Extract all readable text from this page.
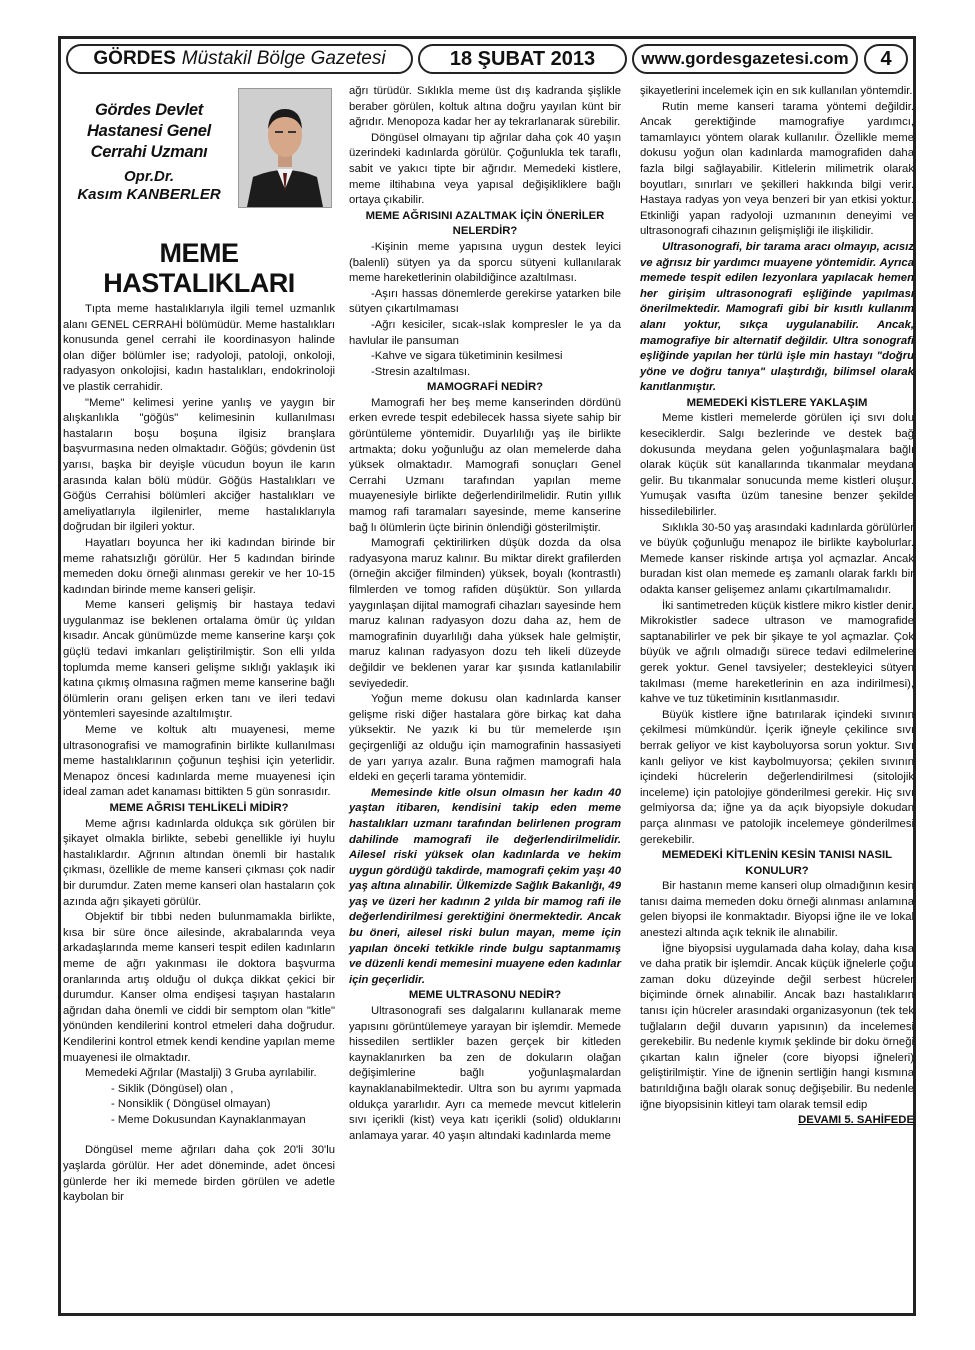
GÖRDES Müstakil Bölge Gazetesi	18 ŞUBAT 2013	www.gordesgazetesi.com	4
Gördes Devlet Hastanesi Genel Cerrahi Uzmanı
Opr.Dr.
Kasım KANBERLER
MEME HASTALIKLARI

Tıpta meme hastalıklarıyla ilgili temel uzmanlık alanı GENEL CERRAHİ bölümüdür. Meme hastalıkları konusunda genel cerrahi ile koordinasyon halinde olan diğer bölümler ise; radyoloji, patoloji, onkoloji, radyasyon onkolojisi, kadın hastalıkları, endokrinoloji ve plastik cerrahidir.

"Meme" kelimesi yerine yanlış ve yaygın bir alışkanlıkla "göğüs" kelimesinin kullanılması hastaların boşu boşuna ilgisiz branşlara başvurmasına neden olmaktadır. Göğüs; gövdenin üst yarısı, başka bir deyişle vücudun boyun ile karın arasında kalan bölü müdür. Göğüs Hastalıkları ve Göğüs Cerrahisi bölümleri akciğer hastalıkları ve ameliyatlarıyla ilgilenirler, meme hastalıklarıyla doğrudan bir ilgileri yoktur.

Hayatları boyunca her iki kadından birinde bir meme rahatsızlığı görülür. Her 5 kadından birinde memeden doku örneği alınması gerekir ve her 10-15 kadından birinde meme kanseri gelişir.

Meme kanseri gelişmiş bir hastaya tedavi uygulanmaz ise beklenen ortalama ömür üç yıldan kısadır. Ancak günümüzde meme kanserine karşı çok güçlü tedavi imkanları geliştirilmiştir. Son elli yılda toplumda meme kanseri gelişme sıklığı yaklaşık iki katına çıkmış olmasına rağmen meme kanserine bağlı ölümlerin oranı gelişen erken tanı ve ileri tedavi yöntemleri sayesinde azaltılmıştır.

Meme ve koltuk altı muayenesi, meme ultrasonografisi ve mamografinin birlikte kullanılması meme hastalıklarının çoğunun teşhisi için yeterlidir. Menapoz öncesi kadınlarda meme muayenesi için ideal zaman adet kanaması bittikten 5 gün sonrasıdır.

MEME AĞRISI TEHLİKELİ MİDİR?

Meme ağrısı kadınlarda oldukça sık görülen bir şikayet olmakla birlikte, sebebi genellikle iyi huylu hastalıklardır. Ağrının altından önemli bir hastalık çıkması, özellikle de meme kanseri çıkması çok nadir bir durumdur. Zaten meme kanseri olan hastaların çok azında ağrı şikayeti görülür.

Objektif bir tıbbi neden bulunmamakla birlikte, kısa bir süre önce ailesinde, akrabalarında veya arkadaşlarında meme kanseri tespit edilen kadınların meme de ağrı yakınması ile doktora başvurma oranlarında artış olduğu ol dukça dikkat çekici bir durumdur. Kanser olma endişesi taşıyan hastaların ağrıdan daha önemli ve ciddi bir semptom olan "kitle" yönünden kendilerini kontrol etmeleri daha doğrudur. Kendilerini kontrol etmek kendi kendine yapılan meme muayenesi ile olmaktadır.

Memedeki Ağrılar (Mastalji) 3 Gruba ayrılabilir.

- Siklik (Döngüsel) olan ,

- Nonsiklik ( Döngüsel olmayan)

- Meme Dokusundan Kaynaklanmayan

Döngüsel meme ağrıları daha çok 20'li 30'lu yaşlarda görülür. Her adet döneminde, adet öncesi günlerde her iki memede birden görülen ve adetle kaybolan bir

ağrı türüdür. Sıklıkla meme üst dış kadranda şişlikle beraber görülen, koltuk altına doğru yayılan künt bir ağrıdır. Menopoza kadar her ay tekrarlanarak sürebilir.

Döngüsel olmayanı tip ağrılar daha çok 40 yaşın üzerindeki kadınlarda görülür. Çoğunlukla tek taraflı, sabit ve yakıcı tipte bir ağrıdır. Memedeki kistlere, meme iltihabına veya yapısal değişikliklere bağlı ortaya çıkabilir.

MEME AĞRISINI AZALTMAK İÇİN ÖNERİLER NELERDİR?

-Kişinin meme yapısına uygun destek leyici (balenli) sütyen ya da sporcu sütyeni kullanılarak meme hareketlerinin olabildiğince azaltılması.

-Aşırı hassas dönemlerde gerekirse yatarken bile sütyen çıkartılmaması

-Ağrı kesiciler, sıcak-ıslak kompresler le ya da havlular ile pansuman

-Kahve ve sigara tüketiminin kesilmesi

-Stresin azaltılması.

MAMOGRAFİ NEDİR?

Mamografi her beş meme kanserinden dördünü erken evrede tespit edebilecek hassa siyete sahip bir görüntüleme yöntemidir. Duyarlılığı yaş ile birlikte artmakta; doku yoğunluğu az olan memelerde daha yüksek olmaktadır. Mamografi sonuçları Genel Cerrahi Uzmanı tarafından yapılan meme muayenesiyle birlikte değerlendirilmelidir. Rutin yıllık mamog rafi taramaları sayesinde, meme kanserine bağ lı ölümlerin üçte birinin önlendiği gösterilmiştir.

Mamografi çektirilirken düşük dozda da olsa radyasyona maruz kalınır. Bu miktar direkt grafilerden (örneğin akciğer filminden) yüksek, boyalı (kontrastlı) filmlerden ve tomog rafiden düşüktür. Son yıllarda yaygınlaşan dijital mamografi cihazları sayesinde hem maruz kalınan radyasyon dozu daha az, hem de mamografinin duyarlılığı daha yüksek hale gelmiştir, maruz kalınan radyasyon dozu teh likeli düzeyde değildir ve beklenen yarar kar şısında katlanılabilir seviyededir.

Yoğun meme dokusu olan kadınlarda kanser gelişme riski diğer hastalara göre birkaç kat daha yüksektir. Ne yazık ki bu tür memelerde ışın geçirgenliği az olduğu için mamografinin hassasiyeti de yarı yarıya azalır. Buna rağmen mamografi hala eldeki en geçerli tarama yöntemidir.

Memesinde kitle olsun olmasın her kadın 40 yaştan itibaren, kendisini takip eden meme hastalıkları uzmanı tarafından belirlenen program dahilinde mamografi ile değerlendirilmelidir. Ailesel riski yüksek olan kadınlarda ve hekim uygun gördüğü takdirde, mamografi çekim yaşı 40 yaş altına alınabilir. Ülkemizde Sağlık Bakanlığı, 49 yaş ve üzeri her kadının 2 yılda bir mamog rafi ile değerlendirilmesi gerektiğini önermektedir. Ancak bu öneri, ailesel riski bulun mayan, meme için yapılan önceki tetkikle rinde bulgu saptanmamış ve düzenli kendi memesini muayene eden kadınlar için geçerlidir.

MEME ULTRASONU NEDİR?

Ultrasonografi ses dalgalarını kullanarak meme yapısını görüntülemeye yarayan bir işlemdir. Memede hissedilen sertlikler bazen gerçek bir kitleden kaynaklanırken ba zen de dokuların olağan değişimlerine bağlı yoğunlaşmalardan kaynaklanabilmektedir. Ultra son bu ayrımı yapmada oldukça yararlıdır. Ayrı ca memede mevcut kitlelerin sıvı içerikli (kist) veya katı içerikli (solid) olduklarını anlamaya yarar. 40 yaşın altındaki kadınlarda meme

şikayetlerini incelemek için en sık kullanılan yöntemdir.

Rutin meme kanseri tarama yöntemi değildir. Ancak gerektiğinde mamografiye yardımcı, tamamlayıcı yöntem olarak kullanılır. Özellikle meme dokusu yoğun olan kadınlarda mamografiden daha fazla bilgi sağlayabilir. Kitlelerin milimetrik olarak boyutları, sınırları ve şekilleri hakkında bilgi verir. Hastaya radyas yon veya benzeri bir yan etkisi yoktur. Etkinliği yapan radyoloji uzmanının deneyimi ve ultrasonografi cihazının gelişmişliği ile ilişkilidir.

Ultrasonografi, bir tarama aracı olmayıp, acısız ve ağrısız bir yardımcı muayene yöntemidir. Ayrıca memede tespit edilen lezyonlara yapılacak hemen her girişim ultrasonografi eşliğinde yapılması önerilmektedir. Mamografi gibi bir kısıtlı kullanım alanı yoktur, sıkça uygulanabilir. Ancak, mamografiye bir alternatif değildir. Ultra sonografi eşliğinde yapılan her türlü işle min hastayı "doğru yöne ve doğru tanıya" ulaştırdığı, bilimsel olarak kanıtlanmıştır.

MEMEDEKİ KİSTLERE YAKLAŞIM

Meme kistleri memelerde görülen içi sıvı dolu keseciklerdir. Salgı bezlerinde ve destek bağ dokusunda meydana gelen yoğunlaşmalara bağlı olarak küçük süt kanallarında tıkanmalar meydana gelir. Bu tıkanmalar sonucunda meme kistleri oluşur. Yumuşak vasıfta üzüm tanesine benzer şekilde hissedilebilirler.

Sıklıkla 30-50 yaş arasındaki kadınlarda görülürler ve büyük çoğunluğu menapoz ile birlikte kaybolurlar. Memede kanser riskinde artışa yol açmazlar. Ancak buradan kist olan memede eş zamanlı olarak farklı bir odakta kanser gelişemez anlamı çıkartılmamalıdır.

İki santimetreden küçük kistlere mikro kistler denir. Mikrokistler sadece ultrason ve mamografide saptanabilirler ve pek bir şikaye te yol açmazlar. Çok büyük ve ağrılı olmadığı sürece tedavi edilmelerine gerek yoktur. Genel tavsiyeler; destekleyici sütyen takılması (meme hareketlerinin en aza indirilmesi), kahve ve tuz tüketiminin kısıtlanmasıdır.

Büyük kistlere iğne batırılarak içindeki sıvının çekilmesi mümkündür. İçerik iğneyle çekilince sıvı berrak geliyor ve kist kayboluyorsa sorun yoktur. Sıvı kanlı geliyor ve kist kaybolmuyorsa; çekilen sıvının içindeki hücrelerin değerlendirilmesi (sitolojik inceleme) için patolojiye gönderilmesi gerekir. Hiç sıvı gelmiyorsa da; iğne ya da açık biyopsiyle dokudan parça alınması ve patolojik incelemeye gönderilmesi gerekebilir.

MEMEDEKİ KİTLENİN KESİN TANISI NASIL KONULUR?

Bir hastanın meme kanseri olup olmadığının kesin tanısı daima memeden doku örneği alınması anlamına gelen biyopsi ile konmaktadır. Biyopsi iğne ile ve lokal anestezi altında açık teknik ile alınabilir.

İğne biyopsisi uygulamada daha kolay, daha kısa ve daha pratik bir işlemdir. Ancak küçük iğnelerle çoğu zaman doku düzeyinde değil serbest hücreler biçiminde örnek alınabilir. Ancak bazı hastalıkların tanısı için hücreler arasındaki organizasyonun (tek tek tuğlaların değil duvarın yapısının) da incelemesi gerekebilir. Bu nedenle kıymık şeklinde bir doku örneği çıkartan kalın iğneler (core biyopsi iğneleri) geliştirilmiştir. Yine de iğnenin sertliğin hangi kısmına batırıldığına bağlı olarak sonuç değişebilir. Bu nedenle iğne biyopsisinin kitleyi tam olarak temsil edip

DEVAMI 5. SAHİFEDE
